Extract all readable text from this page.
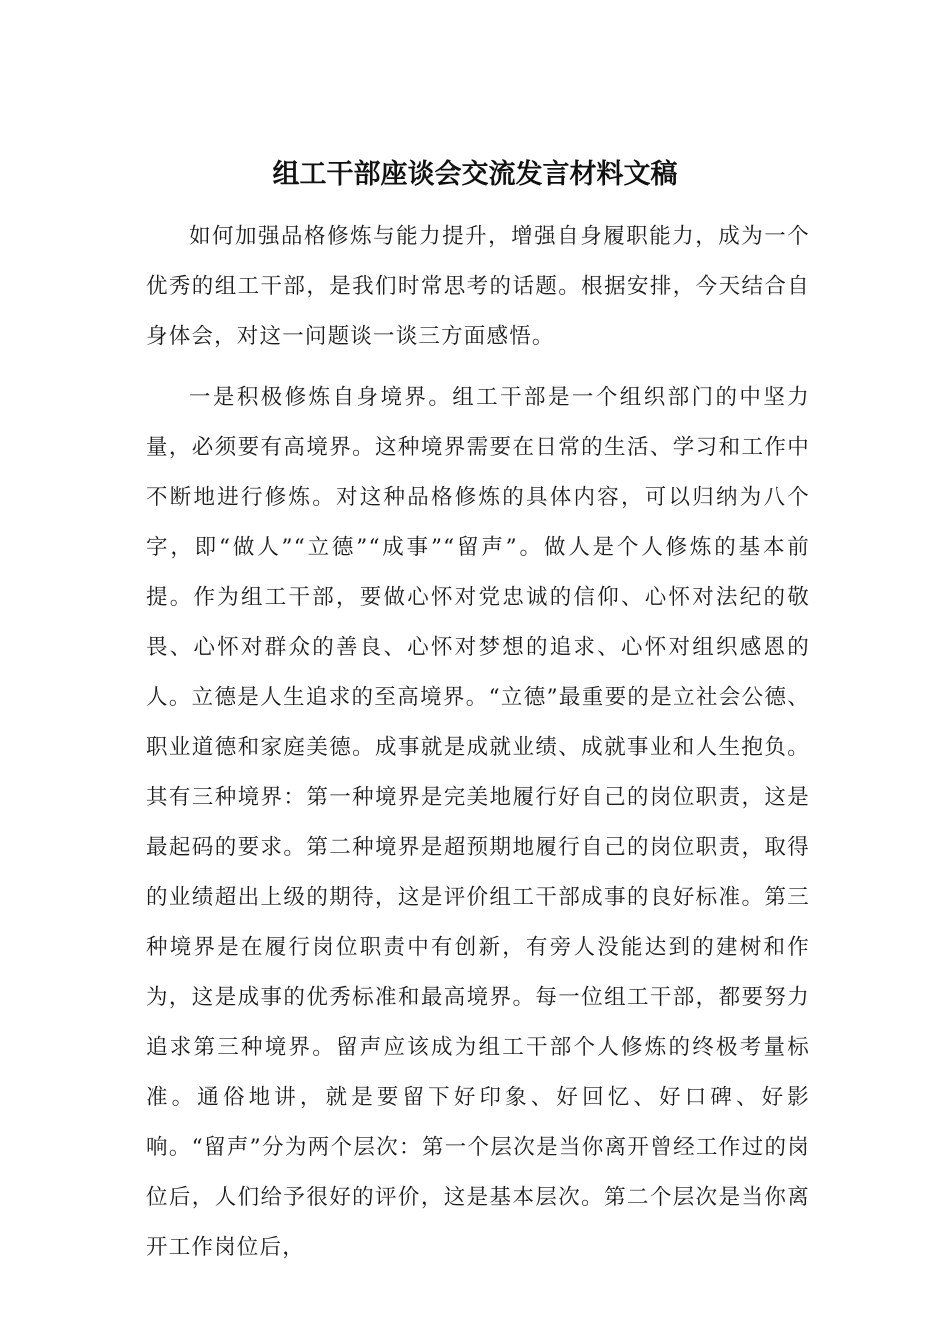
组工干部座谈会交流发言材料文稿

如何加强品格修炼与能力提升，增强自身履职能力，成为一个优秀的组工干部，是我们时常思考的话题。根据安排，今天结合自身体会，对这一问题谈一谈三方面感悟。

一是积极修炼自身境界。组工干部是一个组织部门的中坚力量，必须要有高境界。这种境界需要在日常的生活、学习和工作中不断地进行修炼。对这种品格修炼的具体内容，可以归纳为八个字，即“做人”“立德”“成事”“留声”。做人是个人修炼的基本前提。作为组工干部，要做心怀对党忠诚的信仰、心怀对法纪的敬畏、心怀对群众的善良、心怀对梦想的追求、心怀对组织感恩的人。立德是人生追求的至高境界。“立德”最重要的是立社会公德、职业道德和家庭美德。成事就是成就业绩、成就事业和人生抱负。其有三种境界：第一种境界是完美地履行好自己的岗位职责，这是最起码的要求。第二种境界是超预期地履行自己的岗位职责，取得的业绩超出上级的期待，这是评价组工干部成事的良好标准。第三种境界是在履行岗位职责中有创新，有旁人没能达到的建树和作为，这是成事的优秀标准和最高境界。每一位组工干部，都要努力追求第三种境界。留声应该成为组工干部个人修炼的终极考量标准。通俗地讲，就是要留下好印象、好回忆、好口碑、好影响。“留声”分为两个层次：第一个层次是当你离开曾经工作过的岗位后，人们给予很好的评价，这是基本层次。第二个层次是当你离开工作岗位后，
